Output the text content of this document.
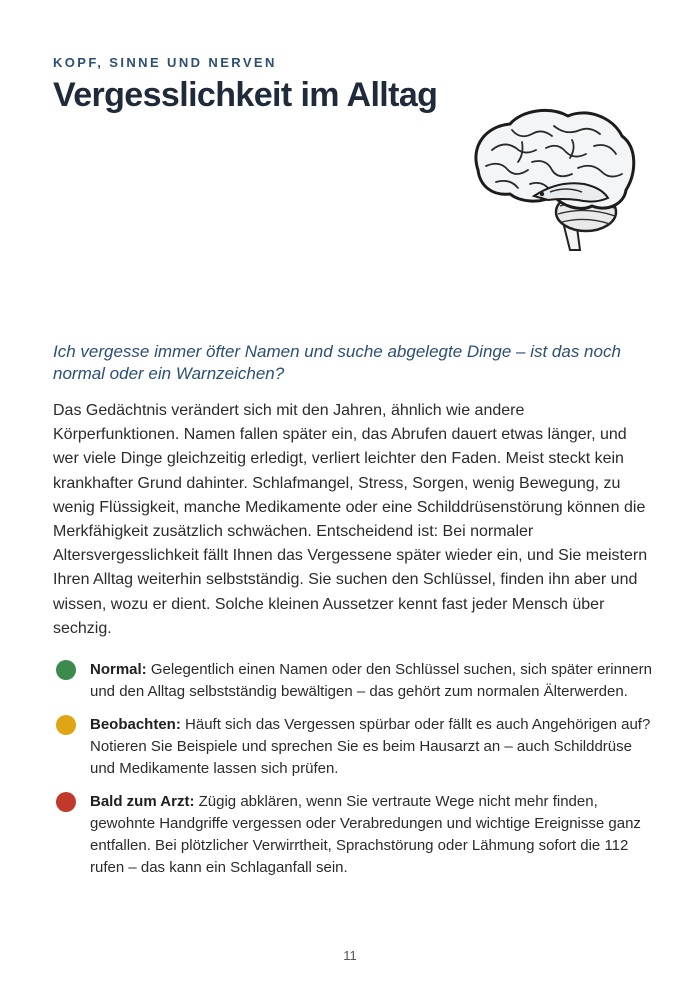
KOPF, SINNE UND NERVEN
Vergesslichkeit im Alltag
Ich vergesse immer öfter Namen und suche abgelegte Dinge – ist das noch normal oder ein Warnzeichen?
Das Gedächtnis verändert sich mit den Jahren, ähnlich wie andere Körperfunktionen. Namen fallen später ein, das Abrufen dauert etwas länger, und wer viele Dinge gleichzeitig erledigt, verliert leichter den Faden. Meist steckt kein krankhafter Grund dahinter. Schlafmangel, Stress, Sorgen, wenig Bewegung, zu wenig Flüssigkeit, manche Medikamente oder eine Schilddrüsenstörung können die Merkfähigkeit zusätzlich schwächen. Entscheidend ist: Bei normaler Altersvergesslichkeit fällt Ihnen das Vergessene später wieder ein, und Sie meistern Ihren Alltag weiterhin selbstständig. Sie suchen den Schlüssel, finden ihn aber und wissen, wozu er dient. Solche kleinen Aussetzer kennt fast jeder Mensch über sechzig.
Normal: Gelegentlich einen Namen oder den Schlüssel suchen, sich später erinnern und den Alltag selbstständig bewältigen – das gehört zum normalen Älterwerden.
Beobachten: Häuft sich das Vergessen spürbar oder fällt es auch Angehörigen auf? Notieren Sie Beispiele und sprechen Sie es beim Hausarzt an – auch Schilddrüse und Medikamente lassen sich prüfen.
Bald zum Arzt: Zügig abklären, wenn Sie vertraute Wege nicht mehr finden, gewohnte Handgriffe vergessen oder Verabredungen und wichtige Ereignisse ganz entfallen. Bei plötzlicher Verwirrtheit, Sprachstörung oder Lähmung sofort die 112 rufen – das kann ein Schlaganfall sein.
11
